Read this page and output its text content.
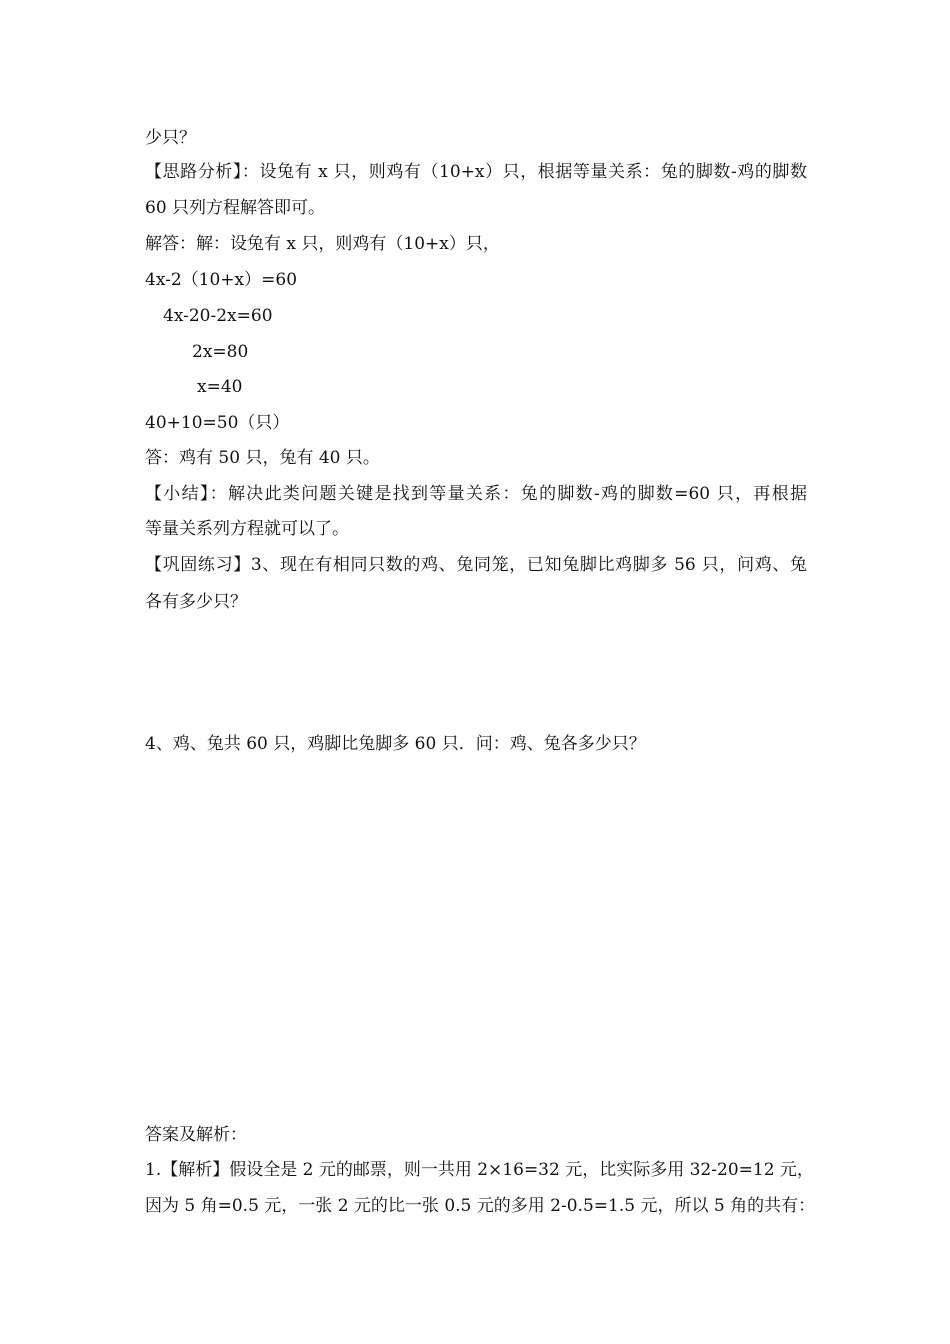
少只？
【思路分析】：设兔有 x 只，则鸡有（10+x）只，根据等量关系：兔的脚数-鸡的脚数
60 只列方程解答即可。
解答：解：设兔有 x 只，则鸡有（10+x）只，
4x-2（10+x）=60
4x-20-2x=60
2x=80
x=40
40+10=50（只）
答：鸡有 50 只，兔有 40 只。
【小结】：解决此类问题关键是找到等量关系：兔的脚数-鸡的脚数=60 只，再根据
等量关系列方程就可以了。
【巩固练习】3、现在有相同只数的鸡、兔同笼，已知兔脚比鸡脚多 56 只，问鸡、兔
各有多少只？
4、鸡、兔共 60 只，鸡脚比兔脚多 60 只．问：鸡、兔各多少只？
答案及解析：
1.【解析】假设全是 2 元的邮票，则一共用 2×16=32 元，比实际多用 32-20=12 元，
因为 5 角=0.5 元，一张 2 元的比一张 0.5 元的多用 2-0.5=1.5 元，所以 5 角的共有：
